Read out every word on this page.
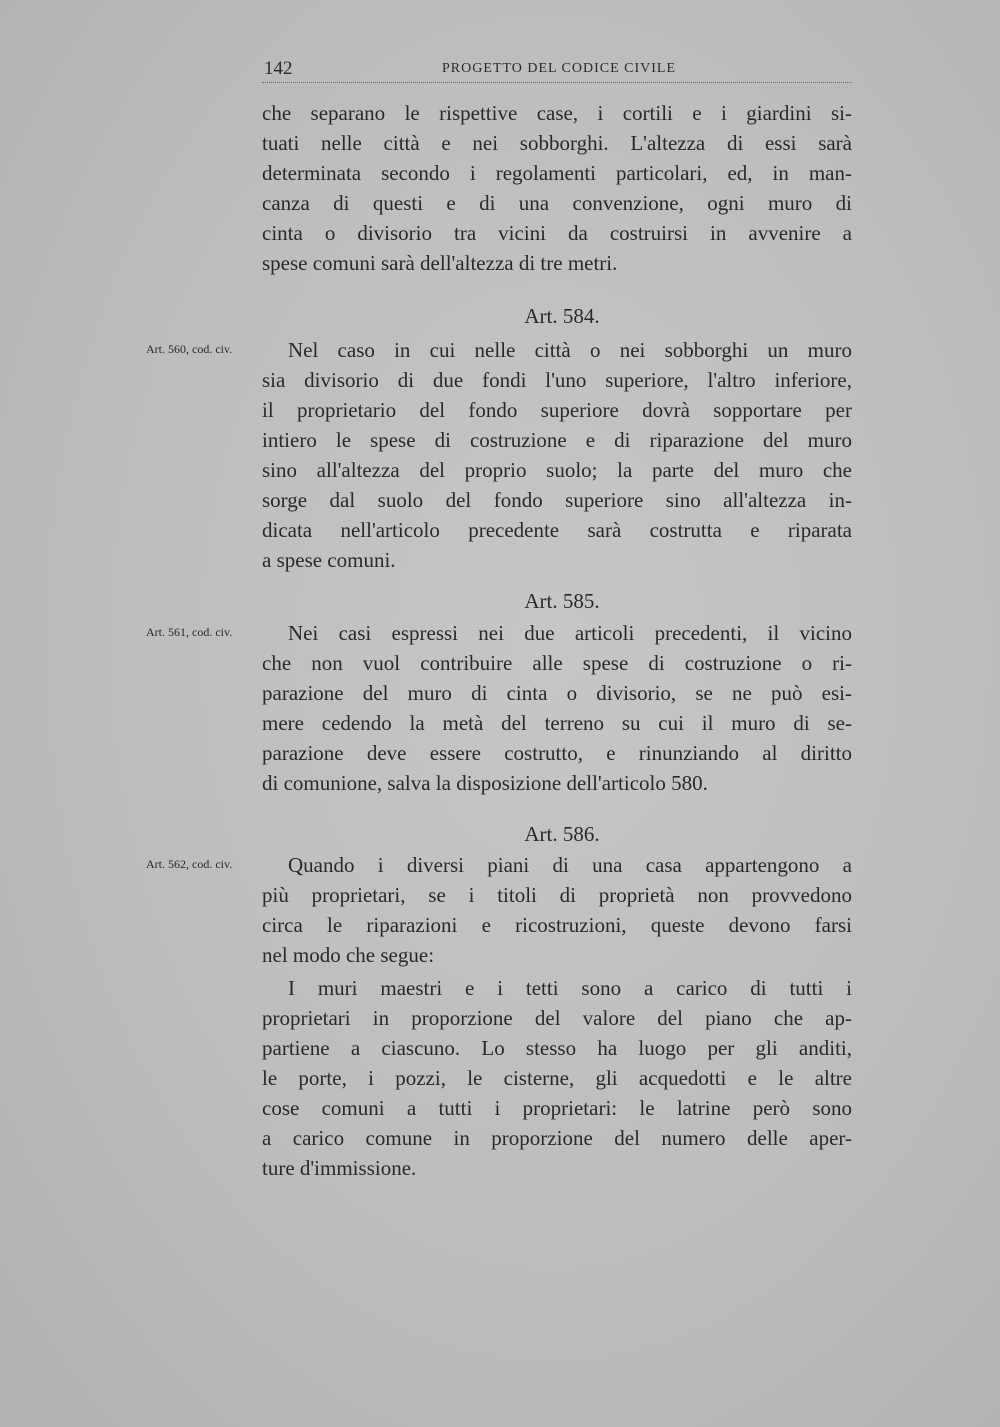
142	PROGETTO DEL CODICE CIVILE
che separano le rispettive case, i cortili e i giardini si-
tuati nelle città e nei sobborghi. L'altezza di essi sarà
determinata secondo i regolamenti particolari, ed, in man-
canza di questi e di una convenzione, ogni muro di
cinta o divisorio tra vicini da costruirsi in avvenire a
spese comuni sarà dell'altezza di tre metri.
Art. 584.
Art. 560, cod. civ.	Nel caso in cui nelle città o nei sobborghi un muro
sia divisorio di due fondi l'uno superiore, l'altro inferiore,
il proprietario del fondo superiore dovrà sopportare per
intiero le spese di costruzione e di riparazione del muro
sino all'altezza del proprio suolo; la parte del muro che
sorge dal suolo del fondo superiore sino all'altezza in-
dicata nell'articolo precedente sarà costrutta e riparata
a spese comuni.
Art. 585.
Art. 561, cod. civ.	Nei casi espressi nei due articoli precedenti, il vicino
che non vuol contribuire alle spese di costruzione o ri-
parazione del muro di cinta o divisorio, se ne può esi-
mere cedendo la metà del terreno su cui il muro di se-
parazione deve essere costrutto, e rinunziando al diritto
di comunione, salva la disposizione dell'articolo 580.
Art. 586.
Art. 562, cod. civ.	Quando i diversi piani di una casa appartengono a
più proprietari, se i titoli di proprietà non provvedono
circa le riparazioni e ricostruzioni, queste devono farsi
nel modo che segue:
I muri maestri e i tetti sono a carico di tutti i
proprietari in proporzione del valore del piano che ap-
partiene a ciascuno. Lo stesso ha luogo per gli anditi,
le porte, i pozzi, le cisterne, gli acquedotti e le altre
cose comuni a tutti i proprietari: le latrine però sono
a carico comune in proporzione del numero delle aper-
ture d'immissione.
